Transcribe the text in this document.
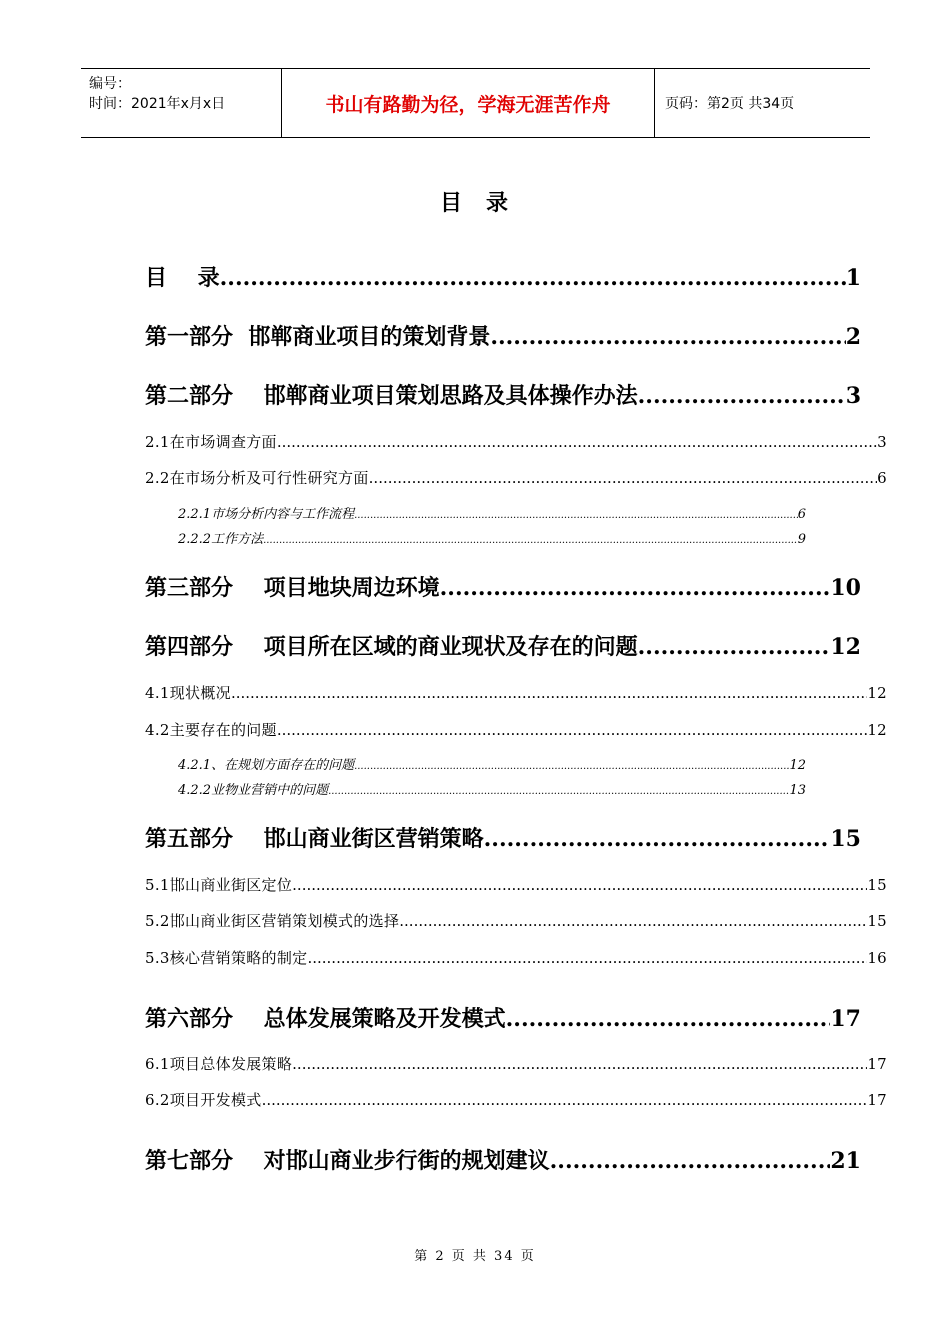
编号：
时间：2021年x月x日	书山有路勤为径，学海无涯苦作舟	页码：第2页 共34页
目 录
目    录 .....	1
第一部分  邯郸商业项目的策划背景 .....	2
第二部分    邯郸商业项目策划思路及具体操作办法 .....	3
2.1在市场调查方面 .....	3
2.2在市场分析及可行性研究方面 .....	6
2.2.1市场分析内容与工作流程 .....	6
2.2.2工作方法 .....	9
第三部分    项目地块周边环境 .....	10
第四部分    项目所在区域的商业现状及存在的问题 .....	12
4.1现状概况 .....	12
4.2主要存在的问题 .....	12
4.2.1、在规划方面存在的问题 .....	12
4.2.2业物业营销中的问题 .....	13
第五部分    邯山商业街区营销策略 .....	15
5.1邯山商业街区定位 .....	15
5.2邯山商业街区营销策划模式的选择 .....	15
5.3核心营销策略的制定 .....	16
第六部分    总体发展策略及开发模式 .....	17
6.1项目总体发展策略 .....	17
6.2项目开发模式 .....	17
第七部分    对邯山商业步行街的规划建议 .....	21
第 2 页 共 34 页
